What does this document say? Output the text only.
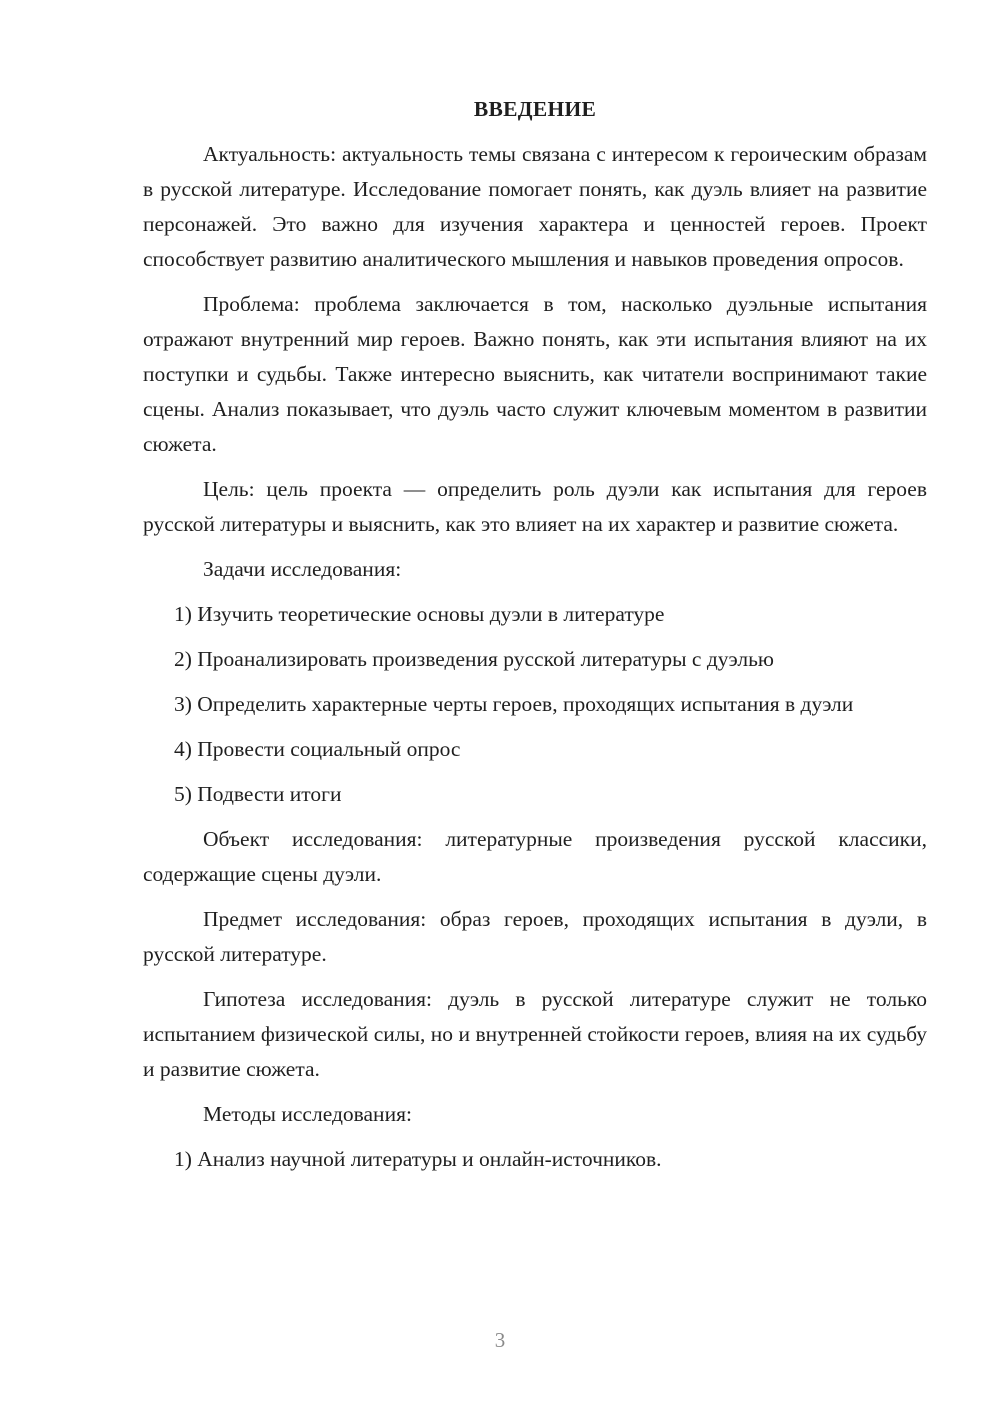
ВВЕДЕНИЕ

Актуальность: актуальность темы связана с интересом к героическим образам в русской литературе. Исследование помогает понять, как дуэль влияет на развитие персонажей. Это важно для изучения характера и ценностей героев. Проект способствует развитию аналитического мышления и навыков проведения опросов.

Проблема: проблема заключается в том, насколько дуэльные испытания отражают внутренний мир героев. Важно понять, как эти испытания влияют на их поступки и судьбы. Также интересно выяснить, как читатели воспринимают такие сцены. Анализ показывает, что дуэль часто служит ключевым моментом в развитии сюжета.

Цель: цель проекта — определить роль дуэли как испытания для героев русской литературы и выяснить, как это влияет на их характер и развитие сюжета.

Задачи исследования:

1) Изучить теоретические основы дуэли в литературе

2) Проанализировать произведения русской литературы с дуэлью

3) Определить характерные черты героев, проходящих испытания в дуэли

4) Провести социальный опрос

5) Подвести итоги

Объект исследования: литературные произведения русской классики, содержащие сцены дуэли.

Предмет исследования: образ героев, проходящих испытания в дуэли, в русской литературе.

Гипотеза исследования: дуэль в русской литературе служит не только испытанием физической силы, но и внутренней стойкости героев, влияя на их судьбу и развитие сюжета.

Методы исследования:

1) Анализ научной литературы и онлайн-источников.

3
